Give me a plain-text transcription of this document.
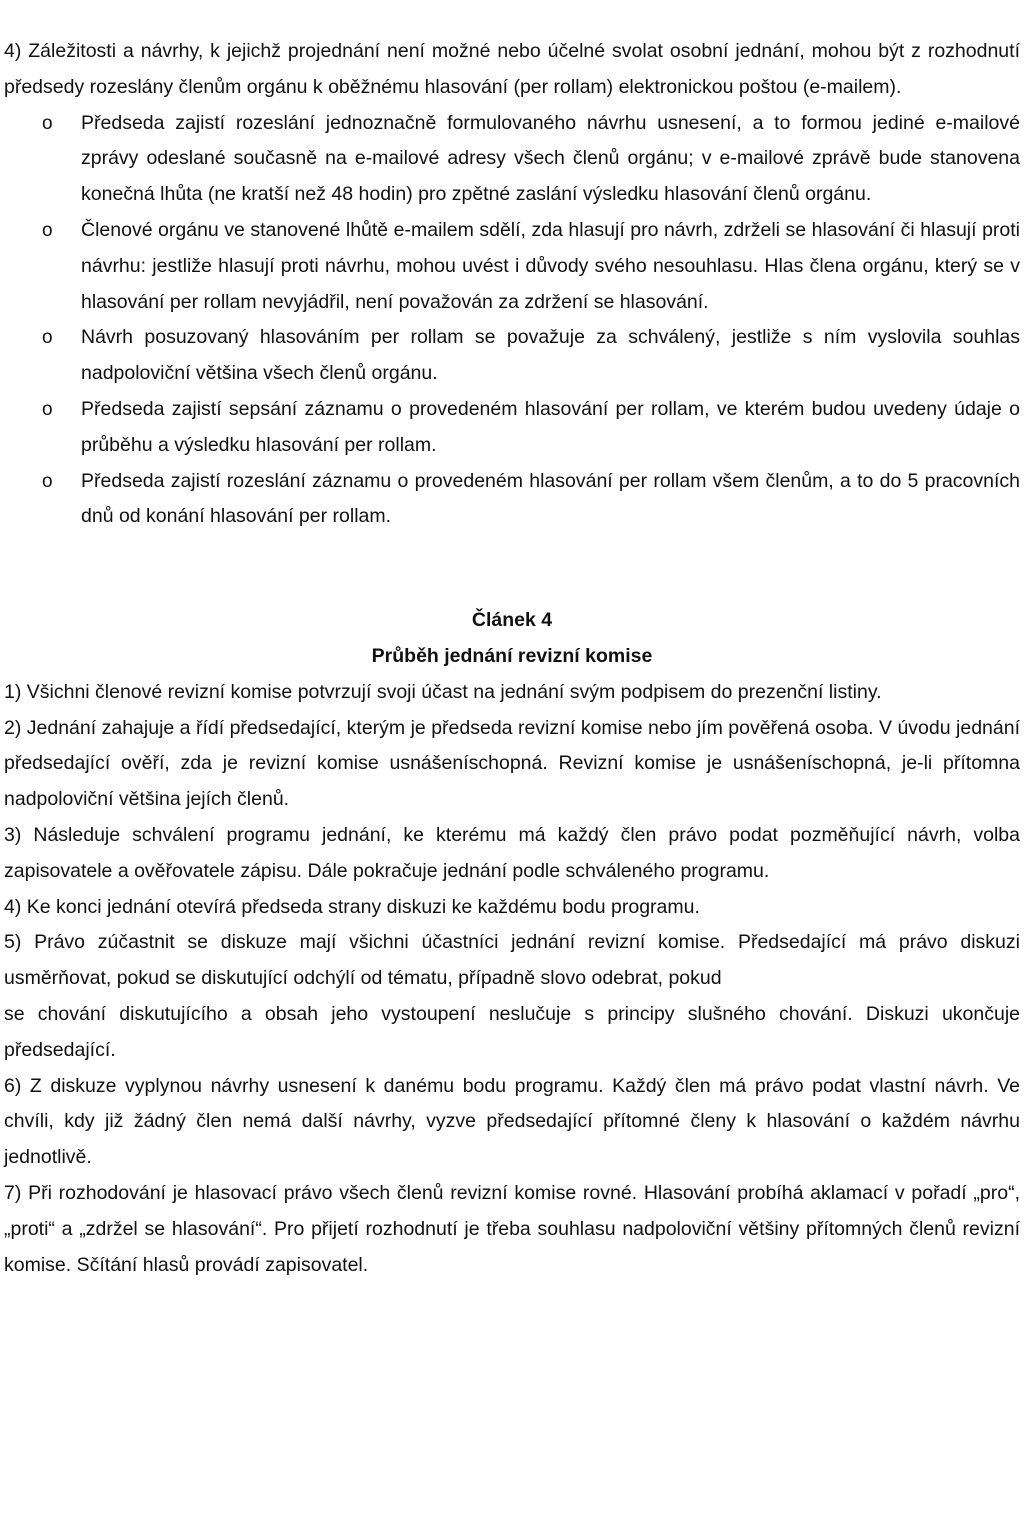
4) Záležitosti a návrhy, k jejichž projednání není možné nebo účelné svolat osobní jednání, mohou být z rozhodnutí předsedy rozeslány členům orgánu k oběžnému hlasování (per rollam) elektronickou poštou (e-mailem).

o Předseda zajistí rozeslání jednoznačně formulovaného návrhu usnesení, a to formou jediné e-mailové zprávy odeslané současně na e-mailové adresy všech členů orgánu; v e-mailové zprávě bude stanovena konečná lhůta (ne kratší než 48 hodin) pro zpětné zaslání výsledku hlasování členů orgánu.
o Členové orgánu ve stanovené lhůtě e-mailem sdělí, zda hlasují pro návrh, zdrželi se hlasování či hlasují proti návrhu: jestliže hlasují proti návrhu, mohou uvést i důvody svého nesouhlasu. Hlas člena orgánu, který se v hlasování per rollam nevyjádřil, není považován za zdržení se hlasování.
o Návrh posuzovaný hlasováním per rollam se považuje za schválený, jestliže s ním vyslovila souhlas nadpoloviční většina všech členů orgánu.
o Předseda zajistí sepsání záznamu o provedeném hlasování per rollam, ve kterém budou uvedeny údaje o průběhu a výsledku hlasování per rollam.
o Předseda zajistí rozeslání záznamu o provedeném hlasování per rollam všem členům, a to do 5 pracovních dnů od konání hlasování per rollam.

Článek 4

Průběh jednání revizní komise

1) Všichni členové revizní komise potvrzují svoji účast na jednání svým podpisem do prezenční listiny.

2) Jednání zahajuje a řídí předsedající, kterým je předseda revizní komise nebo jím pověřená osoba. V úvodu jednání předsedající ověří, zda je revizní komise usnášeníschopná. Revizní komise je usnášeníschopná, je-li přítomna nadpoloviční většina jejích členů.

3) Následuje schválení programu jednání, ke kterému má každý člen právo podat pozměňující návrh, volba zapisovatele a ověřovatele zápisu. Dále pokračuje jednání podle schváleného programu.

4) Ke konci jednání otevírá předseda strany diskuzi ke každému bodu programu.

5) Právo zúčastnit se diskuze mají všichni účastníci jednání revizní komise. Předsedající má právo diskuzi usměrňovat, pokud se diskutující odchýlí od tématu, případně slovo odebrat, pokud

se chování diskutujícího a obsah jeho vystoupení neslučuje s principy slušného chování. Diskuzi ukončuje předsedající.

6) Z diskuze vyplynou návrhy usnesení k danému bodu programu. Každý člen má právo podat vlastní návrh. Ve chvíli, kdy již žádný člen nemá další návrhy, vyzve předsedající přítomné členy k hlasování o každém návrhu jednotlivě.

7) Při rozhodování je hlasovací právo všech členů revizní komise rovné. Hlasování probíhá aklamací v pořadí „pro“, „proti“ a „zdržel se hlasování“. Pro přijetí rozhodnutí je třeba souhlasu nadpoloviční většiny přítomných členů revizní komise. Sčítání hlasů provádí zapisovatel.
